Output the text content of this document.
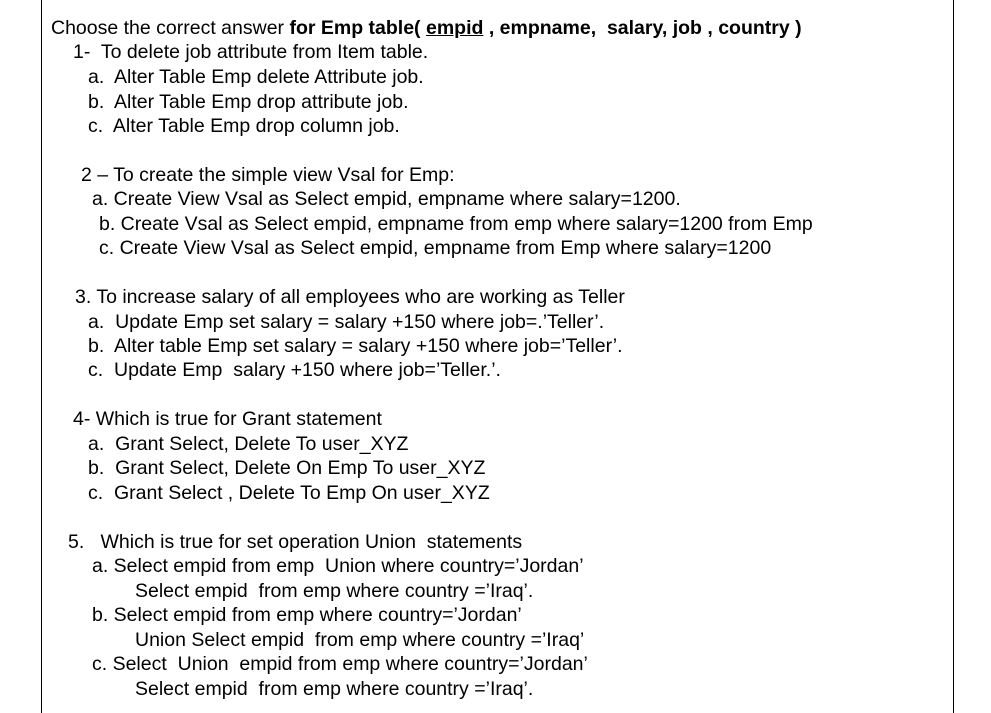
Choose the correct answer for Emp table( empid , empname,  salary, job , country )
1-  To delete job attribute from Item table.
a.  Alter Table Emp delete Attribute job.
b.  Alter Table Emp drop attribute job.
c.  Alter Table Emp drop column job.
2 – To create the simple view Vsal for Emp:
a. Create View Vsal as Select empid, empname where salary=1200.
b. Create Vsal as Select empid, empname from emp where salary=1200 from Emp
c. Create View Vsal as Select empid, empname from Emp where salary=1200
3. To increase salary of all employees who are working as Teller
a.  Update Emp set salary = salary +150 where job=.’Teller’.
b.  Alter table Emp set salary = salary +150 where job=’Teller’.
c.  Update Emp  salary +150 where job=’Teller.’.
4- Which is true for Grant statement
a.  Grant Select, Delete To user_XYZ
b.  Grant Select, Delete On Emp To user_XYZ
c.  Grant Select , Delete To Emp On user_XYZ
5.   Which is true for set operation Union  statements
a. Select empid from emp  Union where country=’Jordan’
Select empid  from emp where country =’Iraq’.
b. Select empid from emp where country=’Jordan’
Union Select empid  from emp where country =’Iraq’
c. Select  Union  empid from emp where country=’Jordan’
Select empid  from emp where country =’Iraq’.
